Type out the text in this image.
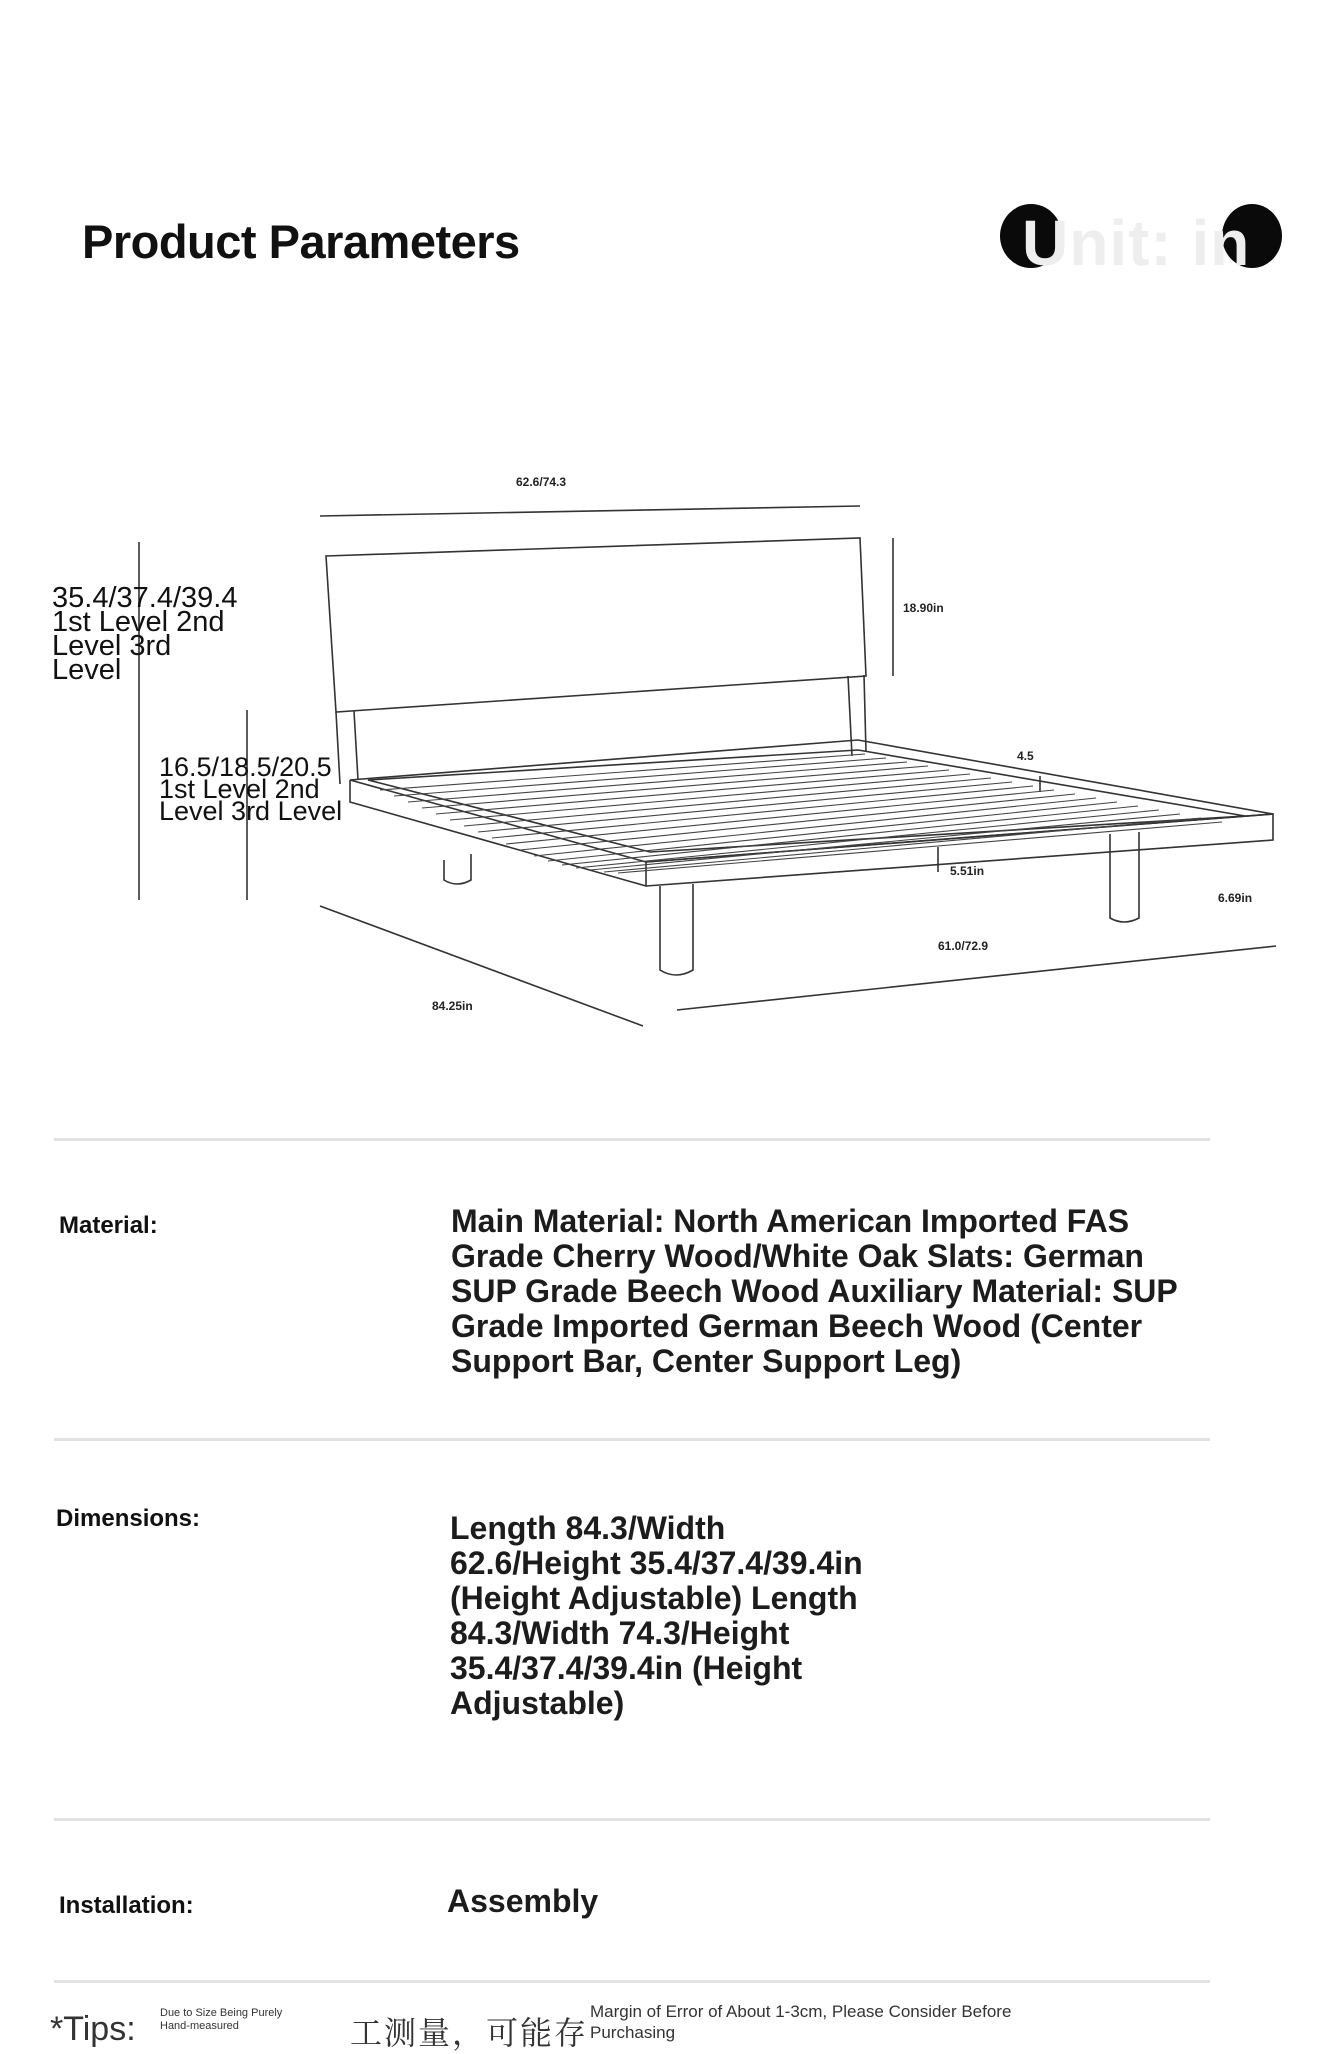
Product Parameters	Unit: in
62.6/74.3
18.90in
4.5
5.51in
6.69in
61.0/72.9
84.25in
35.4/37.4/39.4
1st Level 2nd
Level 3rd
Level
16.5/18.5/20.5
1st Level 2nd
Level 3rd Level
Material:	Main Material: North American Imported FAS
Grade Cherry Wood/White Oak Slats: German
SUP Grade Beech Wood Auxiliary Material: SUP
Grade Imported German Beech Wood (Center
Support Bar, Center Support Leg)
Dimensions:	Length 84.3/Width
62.6/Height 35.4/37.4/39.4in
(Height Adjustable) Length
84.3/Width 74.3/Height
35.4/37.4/39.4in (Height
Adjustable)
Installation:	Assembly
*Tips: Due to Size Being Purely
Hand-measured	工测量，可能存
Margin of Error of About 1-3cm, Please Consider Before
Purchasing
